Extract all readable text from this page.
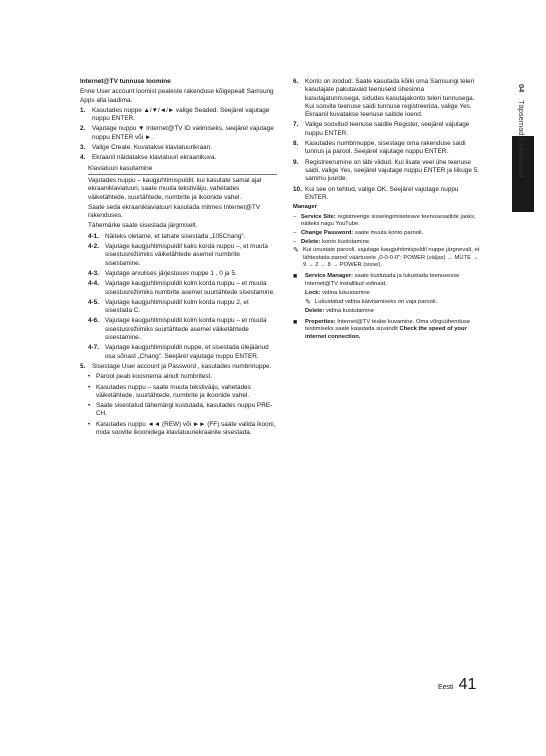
04 Täpsemad funktsioonid

Internet@TV tunnuse loomine

Enne User account loomist pealeste rakenduse kõigepealt Samsung Apps alla laadima.

1.	Kasutades nuppe ▲/▼/◄/► valige Seaded. Seejärel vajutage nuppu ENTER.
2.	Vajutage nuppu ▼ Internet@TV ID valimiseks, seejärel vajutage nuppu ENTER või ►.
3.	Valige Create. Kuvatakse klaviatuurikraan.
4.	Ekraanil näidatakse klaviatuuri ekraanikuva.

Klaviatuuri kasutamine

Vajutades nuppu – kaugjuhtimispuldil, kui kasutate samal ajal ekraaniklaviatuuri, saate muuta tekstiväiju, vahetades väiketähtede, suurtähtede, numbrite ja ikoonide vahel.

Saate seda ekraaniklaviatuuri kasutada mitmes Internet@TV rakenduses.

Tähemärke saate sisestada järgmiselt.

4-1. Näiteks oletame, et tahate sisestada „105Chang".
4-2. Vajutage kaugjuhtimispuldil kaks korda nuppu –, et muuta sisestusrežiimiks väiketähtede asemel numbrite sisestamine.
4-3. Vajutage arvulises järjestuses nuppe 1 , 0 ja 5.
4-4. Vajutage kaugjuhtimispuldil kolm korda nuppu – et muuta sisestusrežiimiks numbrite asemel suurtähtede sisestamine.
4-5. Vajutage kaugjuhtimispuldil kolm korda nuppu 2, et sisestada C.
4-6. Vajutage kaugjuhtimispuldil kolm korda nuppu – et muuta sisestusrežiimiks suurtähtede asemel väiketähtede sisestamine.
4-7. Vajutage kaugjuhtimispuldil nuppe, et sisestada ülejäänud osa sõnast „Chang". Seejärel vajutage nuppu ENTER.
5.	Sisestage User account ja Password , kasutades numbrinuppe.
• Parool peab koosnema ainult numbritest.
• Kasutades nuppu – saate muuta tekstiväiju, vahetades väiketähtede, suurtähtede, numbrite ja ikoonide vahel.
• Saate sisestatud tähemärgi kustutada, kasutades nuppu PRE-CH.
• Kasutades nuppu ◄◄ (REW) või ►► (FF) saate valida ikooni, mida soovite ikoonidega klaviatuuriekraanile sisestada.
6.	Konto on loodud. Saate kasutada kõiki oma Samsungi teleri kasutajate pakutavaid teenuseid ühesinna kasutajatunnusega, sidudes kasutajakonto teleri tunnusega. Kui soovite teenuse saidi tunnuse registreerida, valige Yes. Ekraanil kuvatakse teenuse saitide loend.
7.	Valige soovitud teenuse saidile Register, seejärel vajutage nuppu ENTER.
8.	Kasutades numbrinuppe, sisestage oma rakenduse saidi tunnus ja parool. Seejärel vajutage nuppu ENTER.
9.	Registreerumine on läbi viidud. Kui lisate veel ühe teenuse saidi, valige Yes, seejärel vajutage nuppu ENTER ja liikuge 5. sammu juurde.
10. Kui see on tehtud, valige OK. Seejärel vajutage nuppu ENTER.

Manager

– Service Site: registreerige sisselogimiseteave teenusesaitide jaoks, näiteks nagu YouTube.
– Change Password: saate muuta konto parooli.
– Delete: konto kustutamine.
✎ Kui unustate parooli, vajutage kaugjuhtimispuldil nuppe järgnevalt, et lähtestada parool väärtusele „0-0-0-0": POWER (väljas) → MUTE → 9 → 2 → 8 → POWER (sisse).
■	Service Manager: saate kustutada ja lukustada teenusesse Internet@TV installitud vidinaid.
Lock: vidina lukustamine
✎ Lukustatud vidina käivitamiseks on vaja parooli.
Delete: vidina kustutamine
■	Properties: Internet@TV teabe kuvamine. Oma võrguühenduse testimiseks saate kasutada suvandit Check the speed of your internet connection.
Eesti 41
